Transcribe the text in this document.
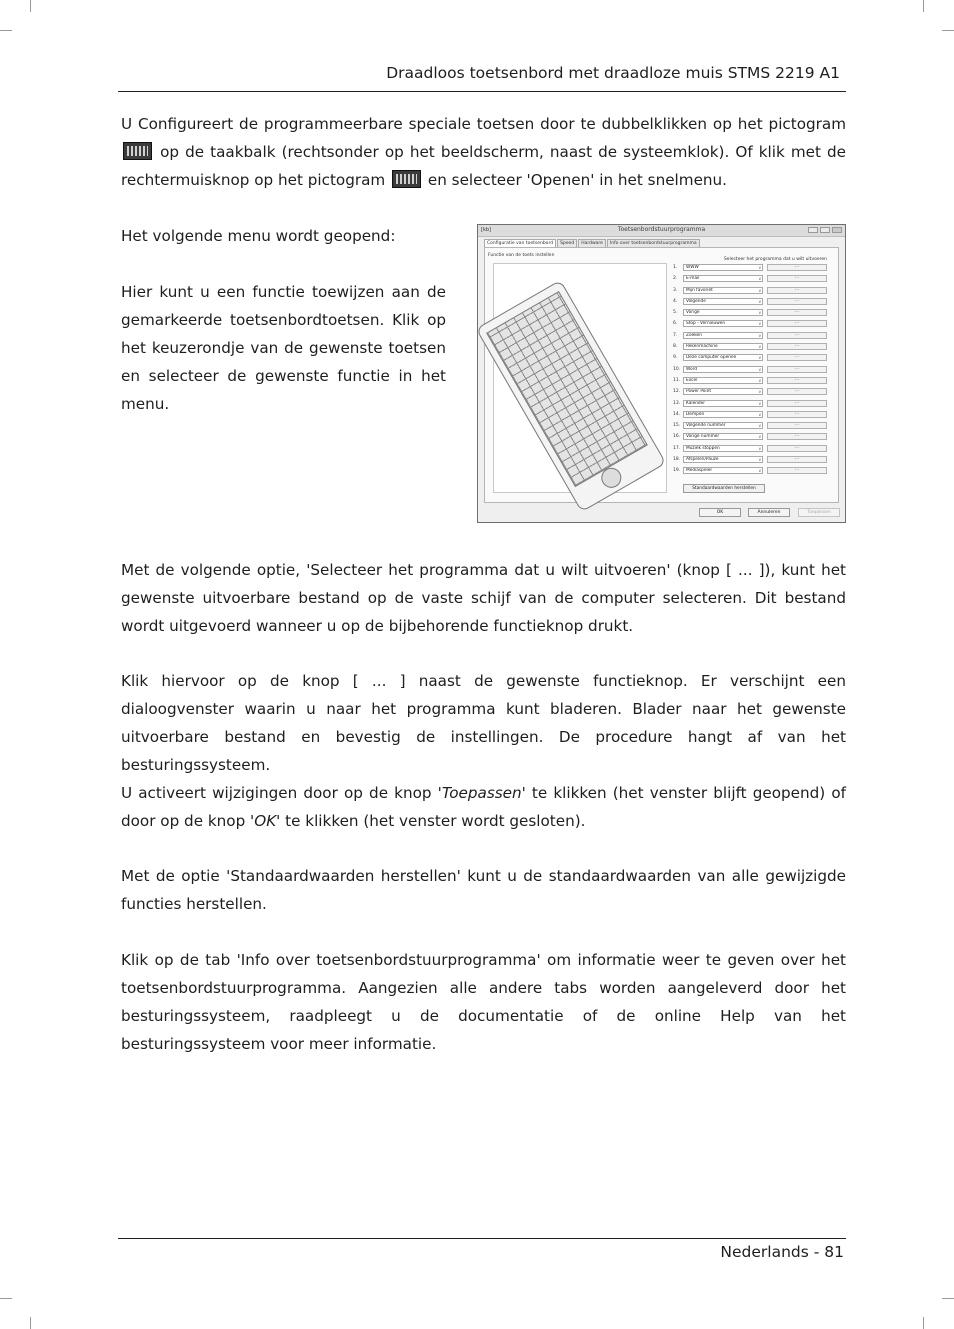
Draadloos toetsenbord met draadloze muis STMS 2219 A1
U Configureert de programmeerbare speciale toetsen door te dubbelklikken op het pictogram  op de taakbalk (rechtsonder op het beeldscherm, naast de systeemklok). Of klik met de rechtermuisknop op het pictogram	en selecteer 'Openen' in het snelmenu.
Het volgende menu wordt geopend:
Hier kunt u een functie toewijzen aan de gemarkeerde toetsenbordtoetsen. Klik op het keuzerondje van de gewenste toetsen en selecteer de gewenste functie in het menu.
[kb]	Toetsenbordstuurprogramma
Configuratie van toetsenbord	Speed	Hardware	Info over toetsenbordstuurprogramma
Functie van de toets instellen
Selecteer het programma dat u wilt uitvoeren
1.	WWW v	...
2.	E-mail v	...
3.	Mijn favoriet v	...
4.	Volgende v	...
5.	Vorige v	...
6.	Stop - Vernieuwen v	...
7.	Zoeken v	...
8.	Rekenmachine v	...
9.	Deze computer openen v	...
10.	Word v	...
11.	Excel v	...
12.	Power Point v	...
13.	Kalender v	...
14.	Dempen v	...
15.	Volgende nummer v	...
16.	Vorige nummer v	...
17.	Muziek stoppen v	...
18.	Afspelen/Pauze v	...
19.	Mediaspeler v	...
Standaardwaarden herstellen
OK	Annuleren	Toepassen
Met de volgende optie, 'Selecteer het programma dat u wilt uitvoeren' (knop [ ... ]), kunt het gewenste uitvoerbare bestand op de vaste schijf van de computer selecteren. Dit bestand wordt uitgevoerd wanneer u op de bijbehorende functieknop drukt.
Klik hiervoor op de knop [ ... ] naast de gewenste functieknop. Er verschijnt een dialoogvenster waarin u naar het programma kunt bladeren. Blader naar het gewenste uitvoerbare bestand en bevestig de instellingen. De procedure hangt af van het besturingssysteem.
U activeert wijzigingen door op de knop 'Toepassen' te klikken (het venster blijft geopend) of door op de knop 'OK' te klikken (het venster wordt gesloten).
Met de optie 'Standaardwaarden herstellen' kunt u de standaardwaarden van alle gewijzigde functies herstellen.
Klik op de tab 'Info over toetsenbordstuurprogramma' om informatie weer te geven over het toetsenbordstuurprogramma. Aangezien alle andere tabs worden aangeleverd door het besturingssysteem, raadpleegt u de documentatie of de online Help van het besturingssysteem voor meer informatie.
Nederlands - 81
